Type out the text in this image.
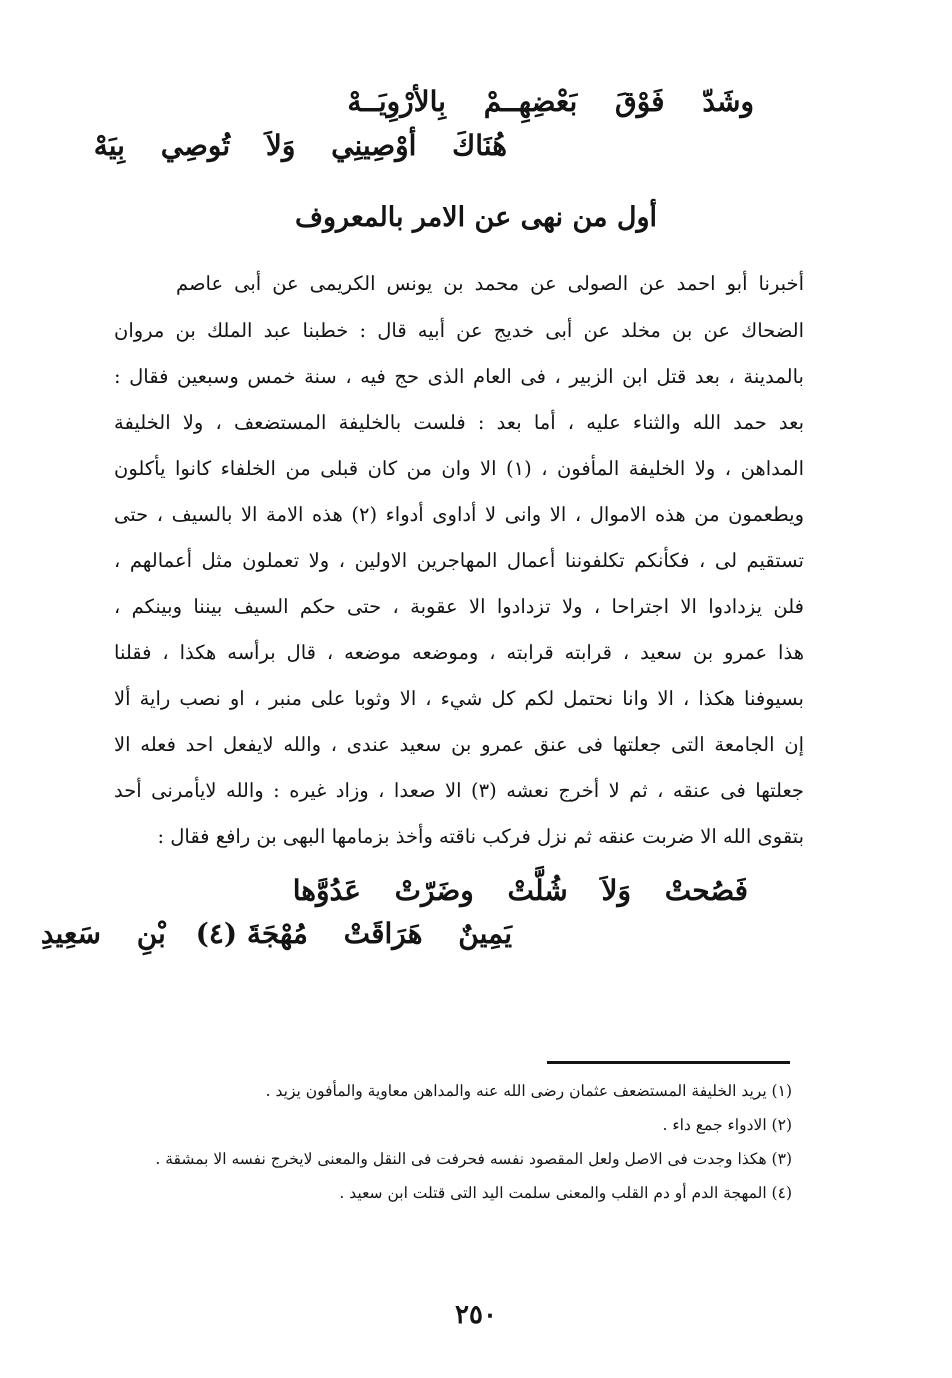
وشَدّ فَوْقَ بَعْضِهِــمْ بِالأرْوِيَــهْ
هُنَاكَ أوْصِينِي وَلاَ تُوصِي بِيَهْ
أول من نهى عن الامر بالمعروف
أخبرنا أبو احمد عن الصولى عن محمد بن يونس الكريمى عن أبى عاصم
الضحاك عن بن مخلد عن أبى خديج عن أبيه قال : خطبنا عبد الملك بن مروان
بالمدينة ، بعد قتل ابن الزبير ، فى العام الذى حج فيه ، سنة خمس وسبعين فقال :
بعد حمد الله والثناء عليه ، أما بعد : فلست بالخليفة المستضعف ، ولا الخليفة
المداهن ، ولا الخليفة المأفون ، (١) الا وان من كان قبلى من الخلفاء كانوا يأكلون
ويطعمون من هذه الاموال ، الا وانى لا أداوى أدواء (٢) هذه الامة الا بالسيف ، حتى
تستقيم لى ، فكأنكم تكلفوننا أعمال المهاجرين الاولين ، ولا تعملون مثل أعمالهم ،
فلن يزدادوا الا اجتراحا ، ولا تزدادوا الا عقوبة ، حتى حكم السيف بيننا وبينكم ،
هذا عمرو بن سعيد ، قرابته قرابته ، وموضعه موضعه ، قال برأسه هكذا ، فقلنا
بسيوفنا هكذا ، الا وانا نحتمل لكم كل شيء ، الا وثوبا على منبر ، او نصب راية ألا
إن الجامعة التى جعلتها فى عنق عمرو بن سعيد عندى ، والله لايفعل احد فعله الا
جعلتها فى عنقه ، ثم لا أخرج نعشه (٣) الا صعدا ، وزاد غيره : والله لايأمرنى أحد
بتقوى الله الا ضربت عنقه ثم نزل فركب ناقته وأخذ بزمامها البهى بن رافع فقال :
فَصُحتْ وَلاَ شُلَّتْ وضَرّتْ عَدُوَّها
يَمِينٌ هَرَاقَتْ مُهْجَةَ (٤) بْنِ سَعِيدِ
(١) يريد الخليفة المستضعف عثمان رضى الله عنه والمداهن معاوية والمأفون يزيد .
(٢) الادواء جمع داء .
(٣) هكذا وجدت فى الاصل ولعل المقصود نفسه فحرفت فى النقل والمعنى لايخرج نفسه الا بمشقة .
(٤) المهجة الدم أو دم القلب والمعنى سلمت اليد التى قتلت ابن سعيد .
٢٥٠
